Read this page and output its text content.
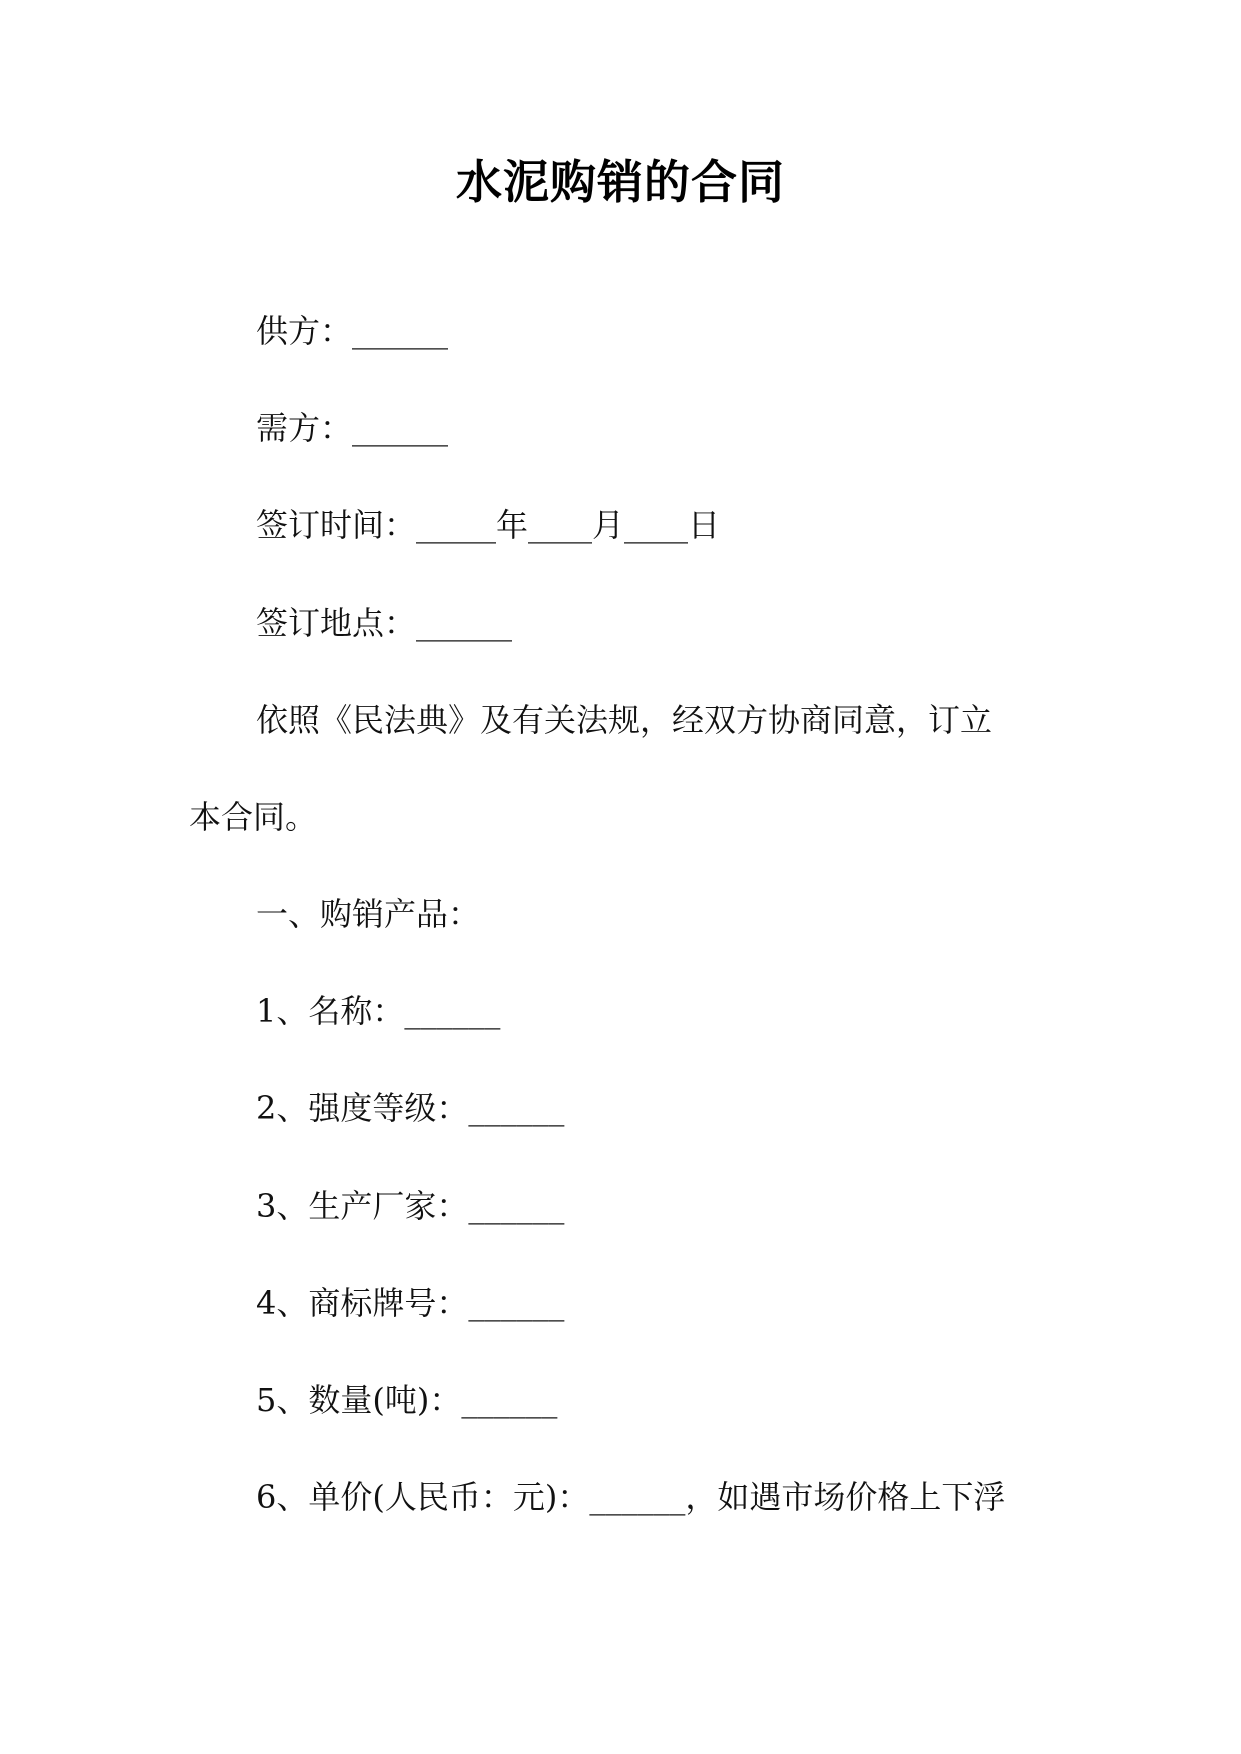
水泥购销的合同

供方：______

需方：______

签订时间：_____年____月____日

签订地点：______

依照《民法典》及有关法规，经双方协商同意，订立

本合同。

一、购销产品：

1、名称：______

2、强度等级：______

3、生产厂家：______

4、商标牌号：______

5、数量(吨)：______

6、单价(人民币：元)：______，如遇市场价格上下浮
